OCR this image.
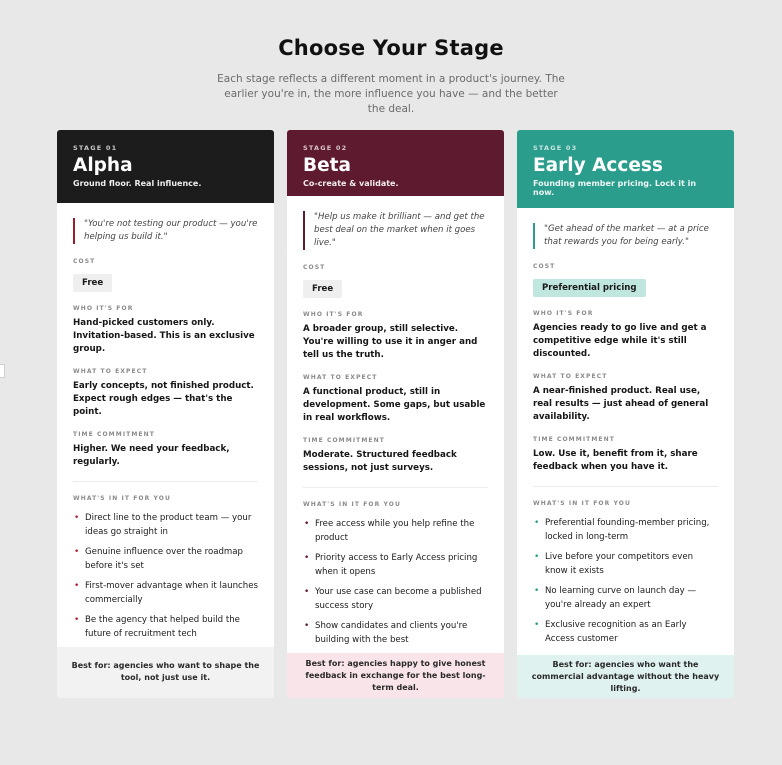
Choose Your Stage

Each stage reflects a different moment in a product's journey. The earlier you're in, the more influence you have — and the better the deal.

STAGE 01
Alpha
Ground floor. Real influence.

"You're not testing our product — you're helping us build it."

COST
Free
WHO IT'S FOR
Hand-picked customers only. Invitation-based. This is an exclusive group.
WHAT TO EXPECT
Early concepts, not finished product. Expect rough edges — that's the point.
TIME COMMITMENT
Higher. We need your feedback, regularly.
WHAT'S IN IT FOR YOU
• Direct line to the product team — your ideas go straight in
• Genuine influence over the roadmap before it's set
• First-mover advantage when it launches commercially
• Be the agency that helped build the future of recruitment tech
Best for: agencies who want to shape the tool, not just use it.
STAGE 02
Beta
Co-create & validate.

"Help us make it brilliant — and get the best deal on the market when it goes live."

COST
Free
WHO IT'S FOR
A broader group, still selective. You're willing to use it in anger and tell us the truth.
WHAT TO EXPECT
A functional product, still in development. Some gaps, but usable in real workflows.
TIME COMMITMENT
Moderate. Structured feedback sessions, not just surveys.
WHAT'S IN IT FOR YOU
• Free access while you help refine the product
• Priority access to Early Access pricing when it opens
• Your use case can become a published success story
• Show candidates and clients you're building with the best
Best for: agencies happy to give honest feedback in exchange for the best long-term deal.
STAGE 03
Early Access
Founding member pricing. Lock it in now.

"Get ahead of the market — at a price that rewards you for being early."

COST
Preferential pricing
WHO IT'S FOR
Agencies ready to go live and get a competitive edge while it's still discounted.
WHAT TO EXPECT
A near-finished product. Real use, real results — just ahead of general availability.
TIME COMMITMENT
Low. Use it, benefit from it, share feedback when you have it.
WHAT'S IN IT FOR YOU
• Preferential founding-member pricing, locked in long-term
• Live before your competitors even know it exists
• No learning curve on launch day — you're already an expert
• Exclusive recognition as an Early Access customer
Best for: agencies who want the commercial advantage without the heavy lifting.
